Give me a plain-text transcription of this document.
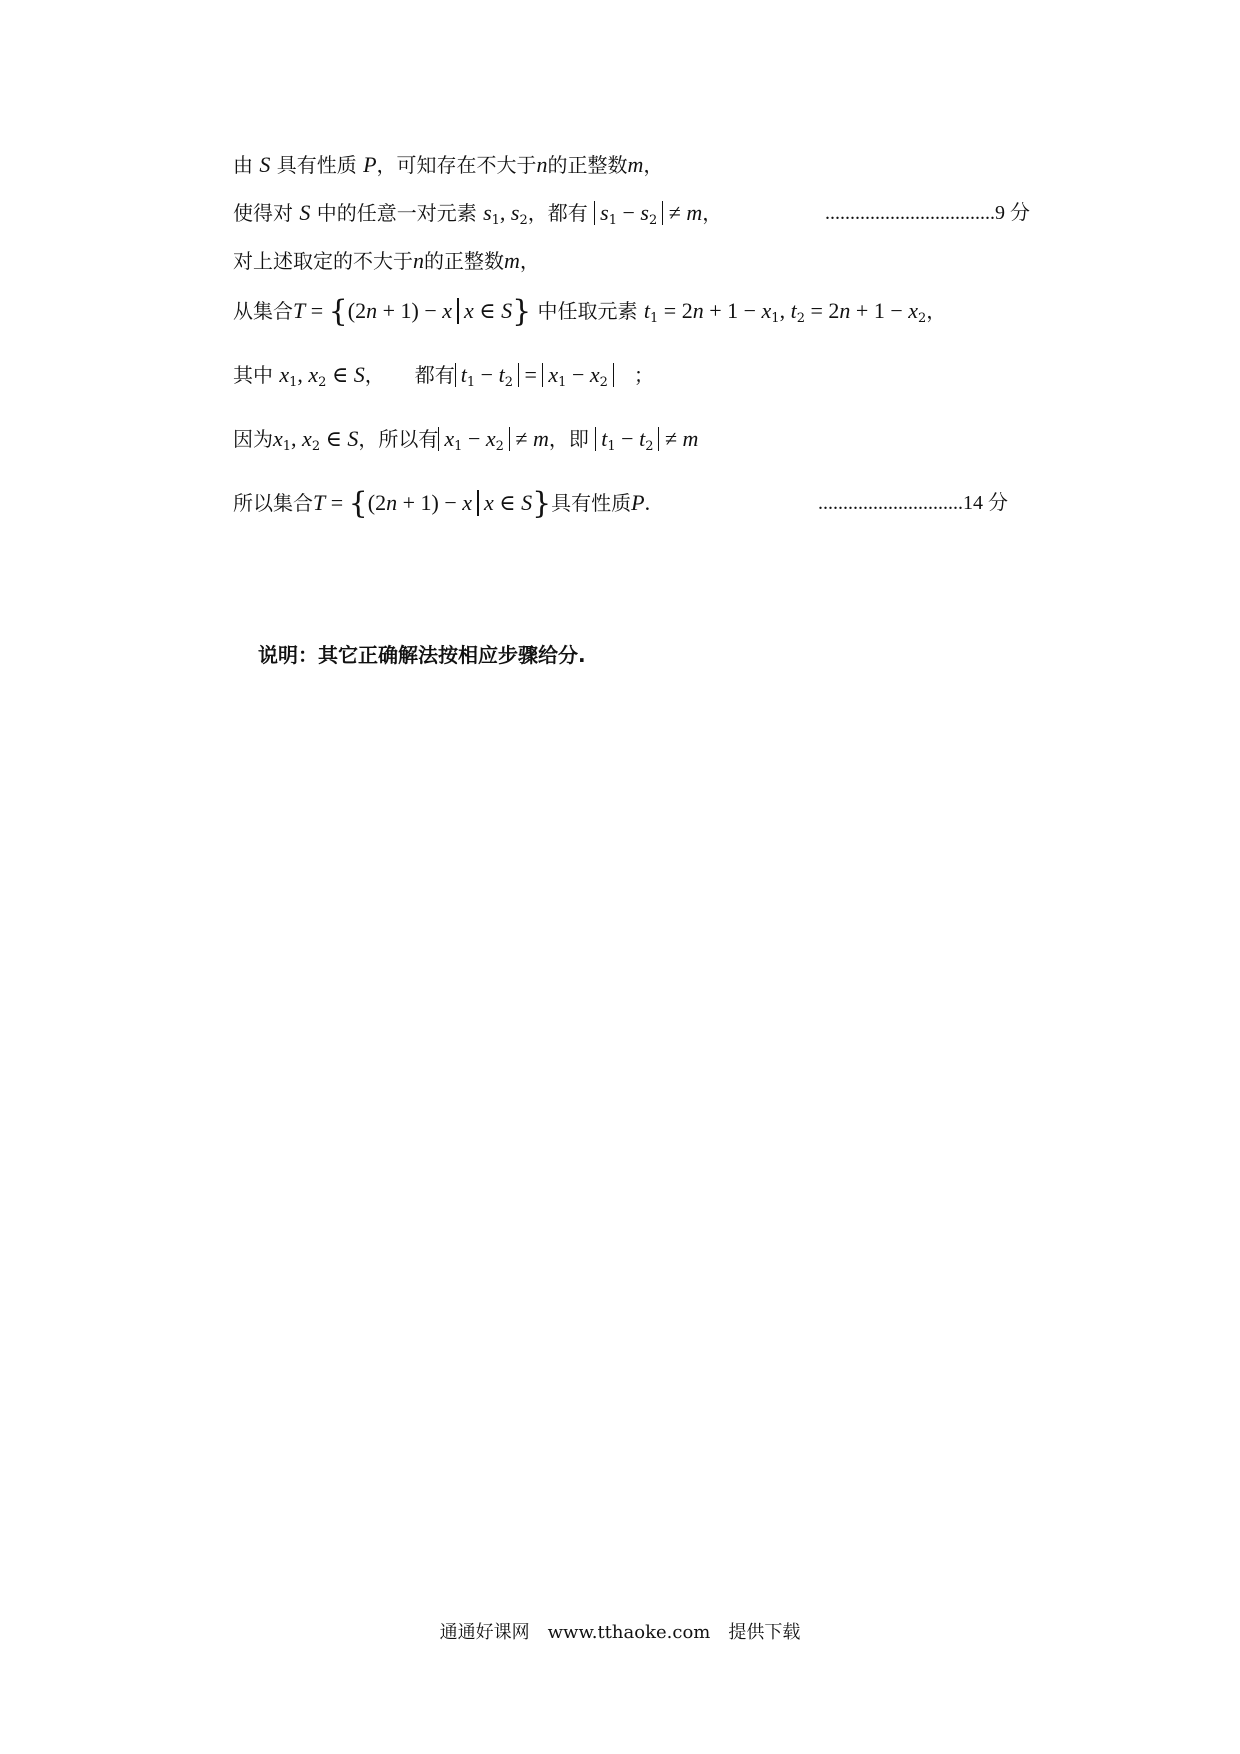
由 S 具有性质 P，可知存在不大于n的正整数m，
使得对 S 中的任意一对元素 $s_1$, $s_2$，都有 $s_1 - s_2 \ne m$，	..................................9 分
对上述取定的不大于n的正整数m，
从集合T = {(2n + 1) − x x ∈ S} 中任取元素 $t_1 = 2n + 1 - x_1$, $t_2 = 2n + 1 - x_2$，
其中 $x_1$, $x_2$ ∈ S，　　都有 $t_1 - t_2 = x_1 - x_2$　；
因为$x_1$, $x_2$ ∈ S，所以有 $x_1 - x_2 \ne m$，即 $t_1 - t_2 \ne m$
所以集合T = {(2n + 1) − x x ∈ S}具有性质P.	.............................14 分
说明：其它正确解法按相应步骤给分.
通通好课网　www.tthaoke.com　提供下载
